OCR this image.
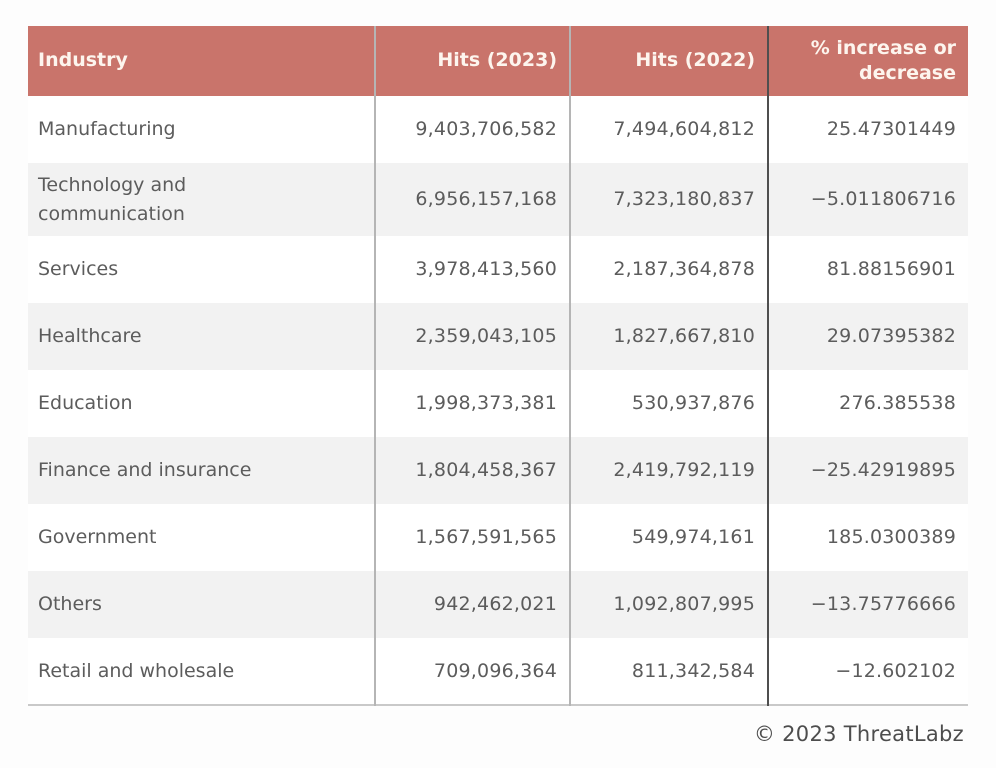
Industry	Hits (2023)	Hits (2022)	% increase or decrease
Manufacturing	9,403,706,582	7,494,604,812	25.47301449
Technology and communication	6,956,157,168	7,323,180,837	−5.011806716
Services	3,978,413,560	2,187,364,878	81.88156901
Healthcare	2,359,043,105	1,827,667,810	29.07395382
Education	1,998,373,381	530,937,876	276.385538
Finance and insurance	1,804,458,367	2,419,792,119	−25.42919895
Government	1,567,591,565	549,974,161	185.0300389
Others	942,462,021	1,092,807,995	−13.75776666
Retail and wholesale	709,096,364	811,342,584	−12.602102
© 2023 ThreatLabz
